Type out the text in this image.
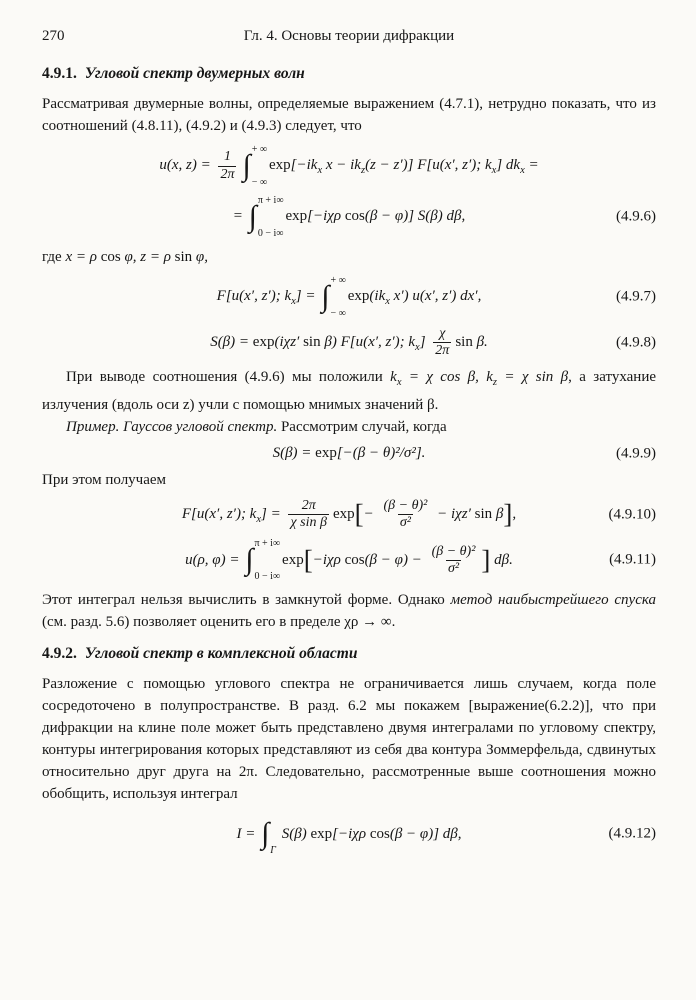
270	Гл. 4. Основы теории дифракции
4.9.1. Угловой спектр двумерных волн

Рассматривая двумерные волны, определяемые выражением (4.7.1), нетрудно показать, что из соотношений (4.8.11), (4.9.2) и (4.9.3) следует, что

u(x, $z) = \frac{1}{2\pi}$ ∫ + ∞
− ∞
$\exp[-ik_x$ $x - ik_z(z - z')$] F[u(x′, z′); $k_x$] $dk_x$ =
= ∫ π + i∞
0 − i∞
exp[−iχρ cos(β − φ)] S(β) dβ,	(4.9.6)

где x = ρ cos φ, z = ρ sin φ,

F[u(x′, z′); $k_x$] = ∫ + ∞
− ∞
$\exp(ik_x$ x′) u(x′, z′) dx′,	(4.9.7)
S(β) = exp(iχz′ sin β) F[u(x′, z′); $k_x] \frac{\chi}{2\pi}$ sin β.	(4.9.8)

При выводе соотношения (4.9.6) мы положили $k_x = \chi$ cos β, $k_z = \chi$ sin β, а затухание излучения (вдоль оси z) учли с помощью мнимых значений β.

Пример. Гауссов угловой спектр. Рассмотрим случай, когда

S(β) = exp[−(β − θ)²/σ²].	(4.9.9)

При этом получаем

F[u(x′, z′); $k_x] = \frac{2\pi}{\text{χ sin β}} \exp[- \frac{\text{(β − θ)²}}{\text{σ²}} - i\chi z'$ sin β],	(4.9.10)
u(ρ, φ) = ∫ π + i∞
0 − i∞
exp[−iχρ $\cos(\beta - \varphi) - \frac{\text{(β − θ)²}}{\text{σ²}}$ ] dβ.	(4.9.11)

Этот интеграл нельзя вычислить в замкнутой форме. Однако метод наибыстрейшего спуска (см. разд. 5.6) позволяет оценить его в пределе χρ → ∞.

4.9.2. Угловой спектр в комплексной области

Разложение с помощью углового спектра не ограничивается лишь случаем, когда поле сосредоточено в полупространстве. В разд. 6.2 мы покажем [выражение(6.2.2)], что при дифракции на клине поле может быть представлено двумя интегралами по угловому спектру, контуры интегрирования которых представляют из себя два контура Зоммерфельда, сдвинутых относительно друг друга на 2π. Следовательно, рассмотренные выше соотношения можно обобщить, используя интеграл

I = ∫
Γ
S(β) exp[−iχρ cos(β − φ)] dβ,	(4.9.12)
